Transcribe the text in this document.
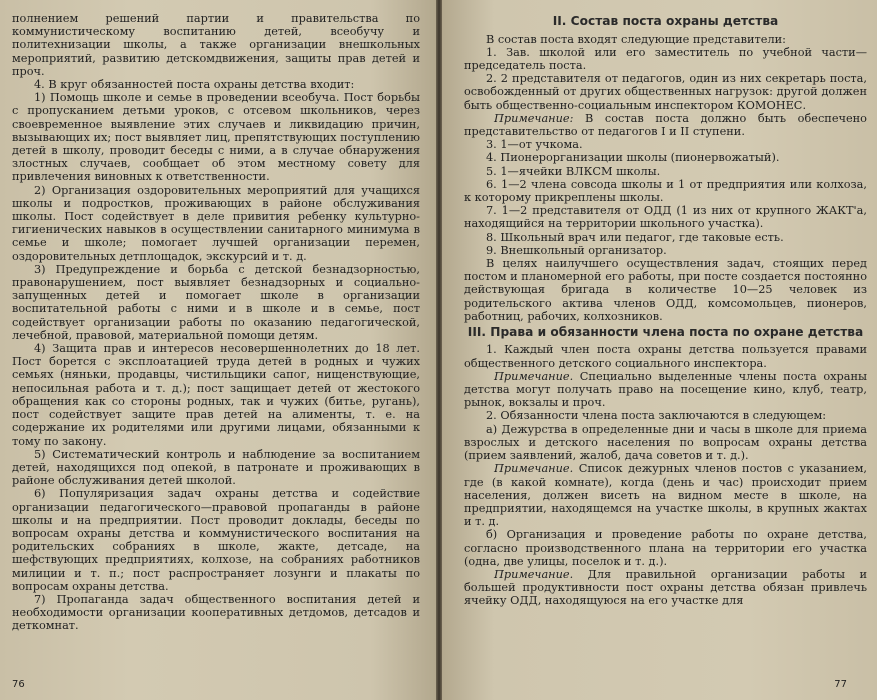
полнением решений партии и правительства по коммунистическому воспитанию детей, всеобучу и политехнизации школы, а также организации внешкольных мероприятий, развитию детскомдвижения, защиты прав детей и проч.

4. В круг обязанностей поста охраны детства входит:

1) Помощь школе и семье в проведении всеобуча. Пост борьбы с пропусканием детьми уроков, с отсевом школьников, через своевременное выявление этих случаев и ликвидацию причин, вызывающих их; пост выявляет лиц, препятствующих поступлению детей в школу, проводит беседы с ними, а в случае обнаружения злостных случаев, сообщает об этом местному совету для привлечения виновных к ответственности.

2) Организация оздоровительных мероприятий для учащихся школы и подростков, проживающих в районе обслуживания школы. Пост содействует в деле привития ребенку культурно-гигиенических навыков в осуществлении санитарного минимума в семье и школе; помогает лучшей организации перемен, оздоровительных детплощадок, экскурсий и т. д.

3) Предупреждение и борьба с детской безнадзорностью, правонарушением, пост выявляет безнадзорных и социально-запущенных детей и помогает школе в организации воспитательной работы с ними и в школе и в семье, пост содействует организации работы по оказанию педагогической, лечебной, правовой, материальной помощи детям.

4) Защита прав и интересов несовершеннолетних до 18 лет. Пост борется с эксплоатацией труда детей в родных и чужих семьях (няньки, продавцы, чистильщики сапог, нищенствующие, непосильная работа и т. д.); пост защищает детей от жестокого обращения как со стороны родных, так и чужих (битье, ругань), пост содействует защите прав детей на алименты, т. е. на содержание их родителями или другими лицами, обязанными к тому по закону.

5) Систематический контроль и наблюдение за воспитанием детей, находящихся под опекой, в патронате и проживающих в районе обслуживания детей школой.

6) Популяризация задач охраны детства и содействие организации педагогического—правовой пропаганды в районе школы и на предприятии. Пост проводит доклады, беседы по вопросам охраны детства и коммунистического воспитания на родительских собраниях в школе, жакте, детсаде, на шефствующих предприятиях, колхозе, на собраниях работников милиции и т. п.; пост распространяет лозунги и плакаты по вопросам охраны детства.

7) Пропаганда задач общественного воспитания детей и необходимости организации кооперативных детдомов, детсадов и деткомнат.

76
II. Состав поста охраны детства

В состав поста входят следующие представители:

1. Зав. школой или его заместитель по учебной части—председатель поста.

2. 2 представителя от педагогов, один из них секретарь поста, освобожденный от других общественных нагрузок: другой должен быть общественно-социальным инспектором КОМОНЕС.

Примечание: В состав поста должно быть обеспечено представительство от педагогов I и II ступени.

3. 1—от учкома.

4. Пионерорганизации школы (пионервожатый).

5. 1—ячейки ВЛКСМ школы.

6. 1—2 члена совсода школы и 1 от предприятия или колхоза, к которому прикреплены школы.

7. 1—2 представителя от ОДД (1 из них от крупного ЖАКТ'а, находящийся на территории школьного участка).

8. Школьный врач или педагог, где таковые есть.

9. Внешкольный организатор.

В целях наилучшего осуществления задач, стоящих перед постом и планомерной его работы, при посте создается постоянно действующая бригада в количестве 10—25 человек из родительского актива членов ОДД, комсомольцев, пионеров, работниц, рабочих, колхозников.

III. Права и обязанности члена поста по охране детства

1. Каждый член поста охраны детства пользуется правами общественного детского социального инспектора.

Примечание. Специально выделенные члены поста охраны детства могут получать право на посещение кино, клуб, театр, рынок, вокзалы и проч.

2. Обязанности члена поста заключаются в следующем:

а) Дежурства в определенные дни и часы в школе для приема взрослых и детского населения по вопросам охраны детства (прием заявлений, жалоб, дача советов и т. д.).

Примечание. Список дежурных членов постов с указанием, где (в какой комнате), когда (день и час) происходит прием населения, должен висеть на видном месте в школе, на предприятии, находящемся на участке школы, в крупных жактах и т. д.

б) Организация и проведение работы по охране детства, согласно производственного плана на территории его участка (одна, две улицы, поселок и т. д.).

Примечание. Для правильной организации работы и большей продуктивности пост охраны детства обязан привлечь ячейку ОДД, находящуюся на его участке для

77
